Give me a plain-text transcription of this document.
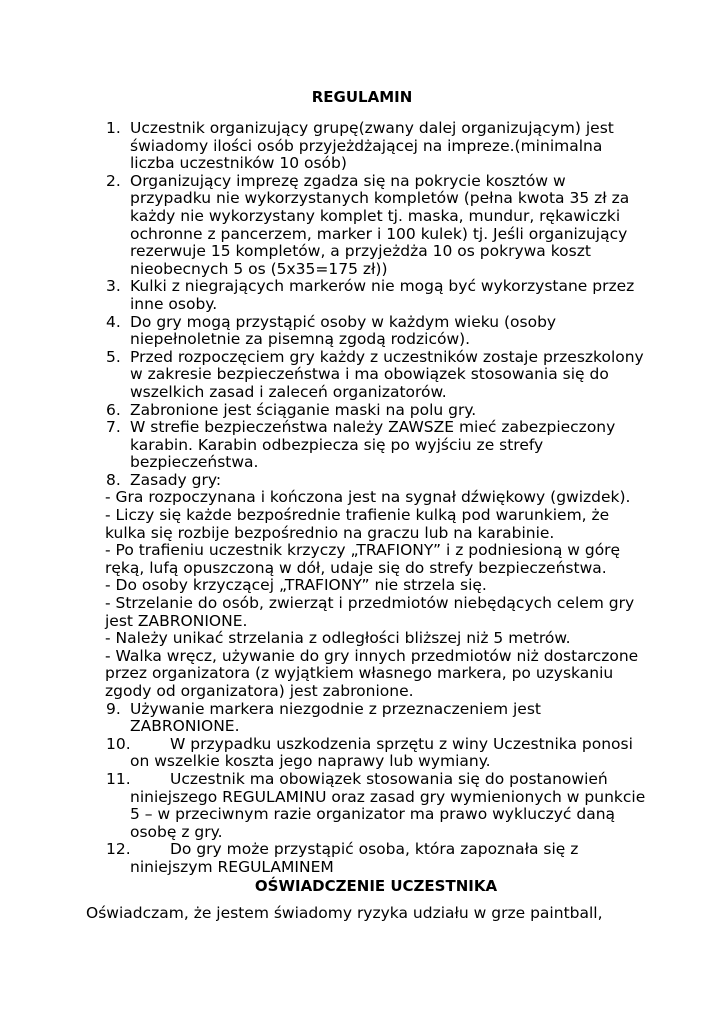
REGULAMIN

1. Uczestnik organizujący grupę(zwany dalej organizującym) jest świadomy ilości osób przyjeżdżającej na impreze.(minimalna liczba uczestników 10 osób)

2. Organizujący imprezę zgadza się na pokrycie kosztów w przypadku nie wykorzystanych kompletów (pełna kwota 35 zł za każdy nie wykorzystany komplet tj. maska, mundur, rękawiczki ochronne z pancerzem, marker i 100 kulek) tj. Jeśli organizujący rezerwuje 15 kompletów, a przyjeżdża 10 os pokrywa koszt nieobecnych 5 os (5x35=175 zł))

3. Kulki z niegrających markerów nie mogą być wykorzystane przez inne osoby.

4. Do gry mogą przystąpić osoby w każdym wieku (osoby niepełnoletnie za pisemną zgodą rodziców).

5. Przed rozpoczęciem gry każdy z uczestników zostaje przeszkolony w zakresie bezpieczeństwa i ma obowiązek stosowania się do wszelkich zasad i zaleceń organizatorów.

6. Zabronione jest ściąganie maski na polu gry.

7. W strefie bezpieczeństwa należy ZAWSZE mieć zabezpieczony karabin. Karabin odbezpiecza się po wyjściu ze strefy bezpieczeństwa.

8. Zasady gry:

- Gra rozpoczynana i kończona jest na sygnał dźwiękowy (gwizdek).

- Liczy się każde bezpośrednie trafienie kulką pod warunkiem, że kulka się rozbije bezpośrednio na graczu lub na karabinie.

- Po trafieniu uczestnik krzyczy „TRAFIONY” i z podniesioną w górę ręką, lufą opuszczoną w dół, udaje się do strefy bezpieczeństwa.

- Do osoby krzyczącej „TRAFIONY” nie strzela się.

- Strzelanie do osób, zwierząt i przedmiotów niebędących celem gry jest ZABRONIONE.

- Należy unikać strzelania z odległości bliższej niż 5 metrów.

- Walka wręcz, używanie do gry innych przedmiotów niż dostarczone przez organizatora (z wyjątkiem własnego markera, po uzyskaniu zgody od organizatora) jest zabronione.

9. Używanie markera niezgodnie z przeznaczeniem jest ZABRONIONE.

10.	W przypadku uszkodzenia sprzętu z winy Uczestnika ponosi on wszelkie koszta jego naprawy lub wymiany.

11.	Uczestnik ma obowiązek stosowania się do postanowień niniejszego REGULAMINU oraz zasad gry wymienionych w punkcie 5 – w przeciwnym razie organizator ma prawo wykluczyć daną osobę z gry.

12.	Do gry może przystąpić osoba, która zapoznała się z niniejszym REGULAMINEM

OŚWIADCZENIE UCZESTNIKA
Oświadczam, że jestem świadomy ryzyka udziału w grze paintball,
